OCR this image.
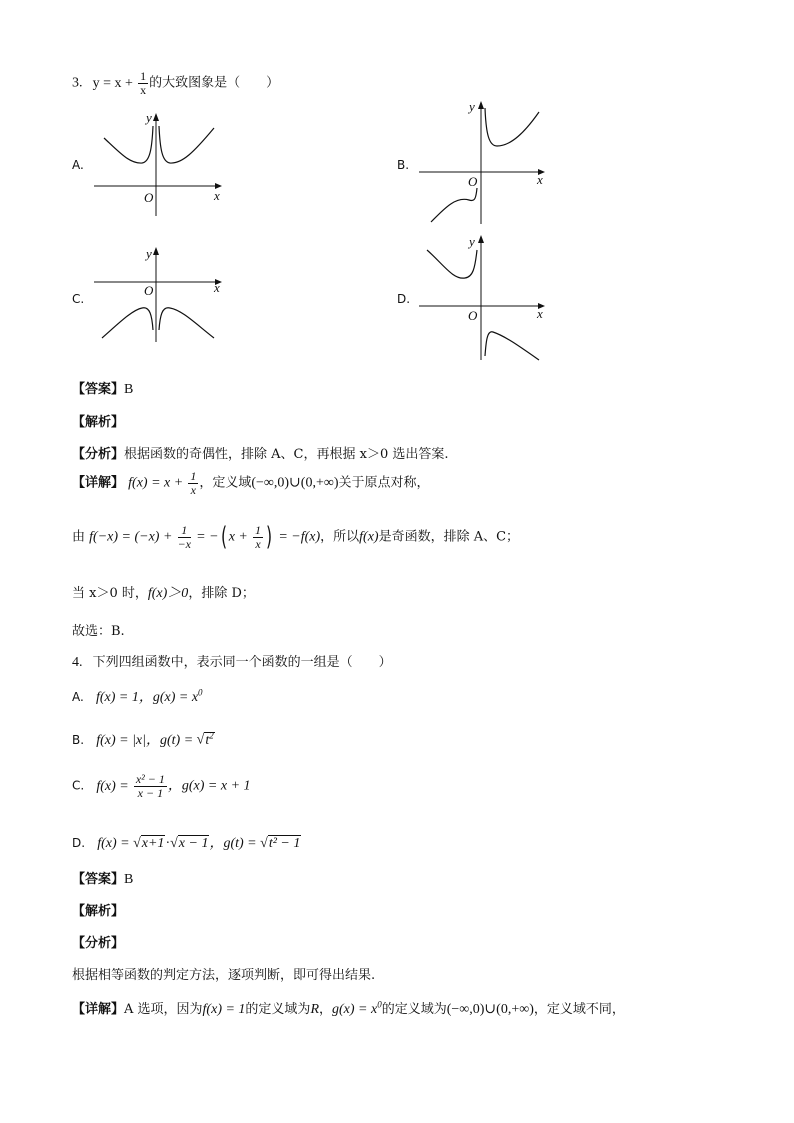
3. $y = x + \frac{1}{x}$ 的大致图象是（　　）
A.	B.
C.	D.
y
x
O
y
x
O
y
x
O
y
x
O
【答案】B
【解析】
【分析】根据函数的奇偶性，排除 A、C，再根据 x＞0 选出答案.
【详解】 $f(x) = x + \frac{1}{x}$ ，定义域(−∞,0)∪(0,+∞)关于原点对称，
由 $f(-x) = (-x) + \frac{1}{-x}$ = −( $x + \frac{1}{x}$ ) = −f(x)，所以f(x)是奇函数，排除 A、C；
当 x＞0 时，f(x)＞0，排除 D；
故选：B.
4. 下列四组函数中，表示同一个函数的一组是（　　）
A. f(x) = 1，$g(x) = x^0$
B. f(x) = |x|，$g(t) = √t^2$
C. $f(x) = \frac{\text{x² − 1}}{x - 1}$ ，g(x) = x + 1
D. f(x) = √x+1·√x − 1，g(t) = √t² − 1
【答案】B
【解析】
【分析】
根据相等函数的判定方法，逐项判断，即可得出结果.
【详解】A 选项，因为f(x) = 1的定义域为R，$g(x) = x^0$的定义域为(−∞,0)∪(0,+∞)，定义域不同，
